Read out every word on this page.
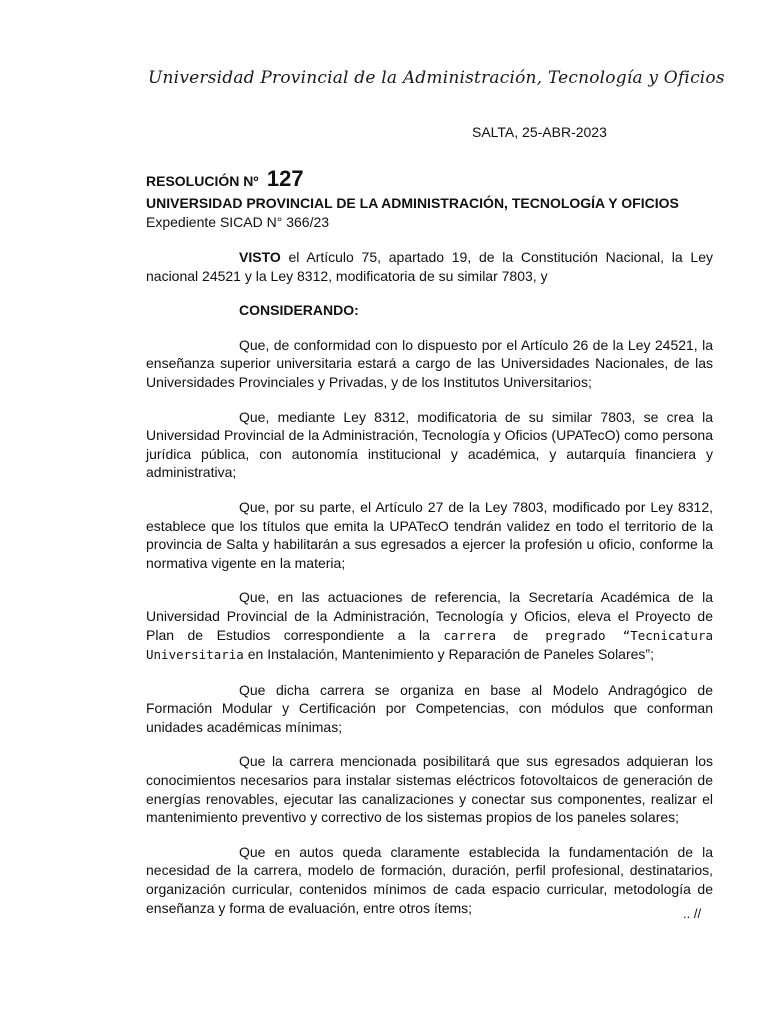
Universidad Provincial de la Administración, Tecnología y Oficios
SALTA, 25-ABR-2023
RESOLUCIÓN Nº 127
UNIVERSIDAD PROVINCIAL DE LA ADMINISTRACIÓN, TECNOLOGÍA Y OFICIOS
Expediente SICAD N° 366/23

VISTO el Artículo 75, apartado 19, de la Constitución Nacional, la Ley nacional 24521 y la Ley 8312, modificatoria de su similar 7803, y

CONSIDERANDO:

Que, de conformidad con lo dispuesto por el Artículo 26 de la Ley 24521, la enseñanza superior universitaria estará a cargo de las Universidades Nacionales, de las Universidades Provinciales y Privadas, y de los Institutos Universitarios;

Que, mediante Ley 8312, modificatoria de su similar 7803, se crea la Universidad Provincial de la Administración, Tecnología y Oficios (UPATecO) como persona jurídica pública, con autonomía institucional y académica, y autarquía financiera y administrativa;

Que, por su parte, el Artículo 27 de la Ley 7803, modificado por Ley 8312, establece que los títulos que emita la UPATecO tendrán validez en todo el territorio de la provincia de Salta y habilitarán a sus egresados a ejercer la profesión u oficio, conforme la normativa vigente en la materia;

Que, en las actuaciones de referencia, la Secretaría Académica de la Universidad Provincial de la Administración, Tecnología y Oficios, eleva el Proyecto de Plan de Estudios correspondiente a la carrera de pregrado “Tecnicatura Universitaria en Instalación, Mantenimiento y Reparación de Paneles Solares”;

Que dicha carrera se organiza en base al Modelo Andragógico de Formación Modular y Certificación por Competencias, con módulos que conforman unidades académicas mínimas;

Que la carrera mencionada posibilitará que sus egresados adquieran los conocimientos necesarios para instalar sistemas eléctricos fotovoltaicos de generación de energías renovables, ejecutar las canalizaciones y conectar sus componentes, realizar el mantenimiento preventivo y correctivo de los sistemas propios de los paneles solares;

Que en autos queda claramente establecida la fundamentación de la necesidad de la carrera, modelo de formación, duración, perfil profesional, destinatarios, organización curricular, contenidos mínimos de cada espacio curricular, metodología de enseñanza y forma de evaluación, entre otros ítems;	.. //
